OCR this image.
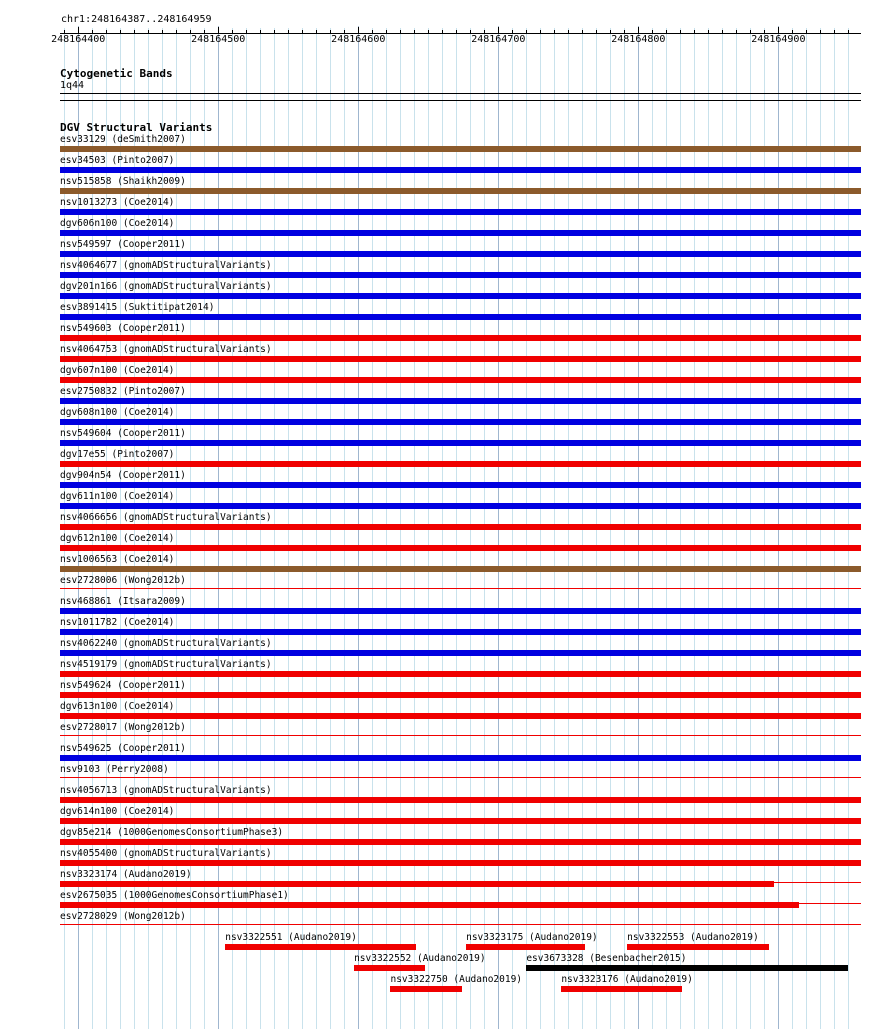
chr1:248164387..248164959
248164400	248164500	248164600	248164700	248164800	248164900
Cytogenetic Bands
1q44
DGV Structural Variants
esv33129 (deSmith2007)
esv34503 (Pinto2007)
nsv515858 (Shaikh2009)
nsv1013273 (Coe2014)
dgv606n100 (Coe2014)
nsv549597 (Cooper2011)
nsv4064677 (gnomADStructuralVariants)
dgv201n166 (gnomADStructuralVariants)
esv3891415 (Suktitipat2014)
nsv549603 (Cooper2011)
nsv4064753 (gnomADStructuralVariants)
dgv607n100 (Coe2014)
esv2750832 (Pinto2007)
dgv608n100 (Coe2014)
nsv549604 (Cooper2011)
dgv17e55 (Pinto2007)
dgv904n54 (Cooper2011)
dgv611n100 (Coe2014)
nsv4066656 (gnomADStructuralVariants)
dgv612n100 (Coe2014)
nsv1006563 (Coe2014)
esv2728006 (Wong2012b)
nsv468861 (Itsara2009)
nsv1011782 (Coe2014)
nsv4062240 (gnomADStructuralVariants)
nsv4519179 (gnomADStructuralVariants)
nsv549624 (Cooper2011)
dgv613n100 (Coe2014)
esv2728017 (Wong2012b)
nsv549625 (Cooper2011)
nsv9103 (Perry2008)
nsv4056713 (gnomADStructuralVariants)
dgv614n100 (Coe2014)
dgv85e214 (1000GenomesConsortiumPhase3)
nsv4055400 (gnomADStructuralVariants)
nsv3323174 (Audano2019)
esv2675035 (1000GenomesConsortiumPhase1)
esv2728029 (Wong2012b)
nsv3322551 (Audano2019)	nsv3323175 (Audano2019)	nsv3322553 (Audano2019)
nsv3322552 (Audano2019)	esv3673328 (Besenbacher2015)
nsv3322750 (Audano2019)	nsv3323176 (Audano2019)
